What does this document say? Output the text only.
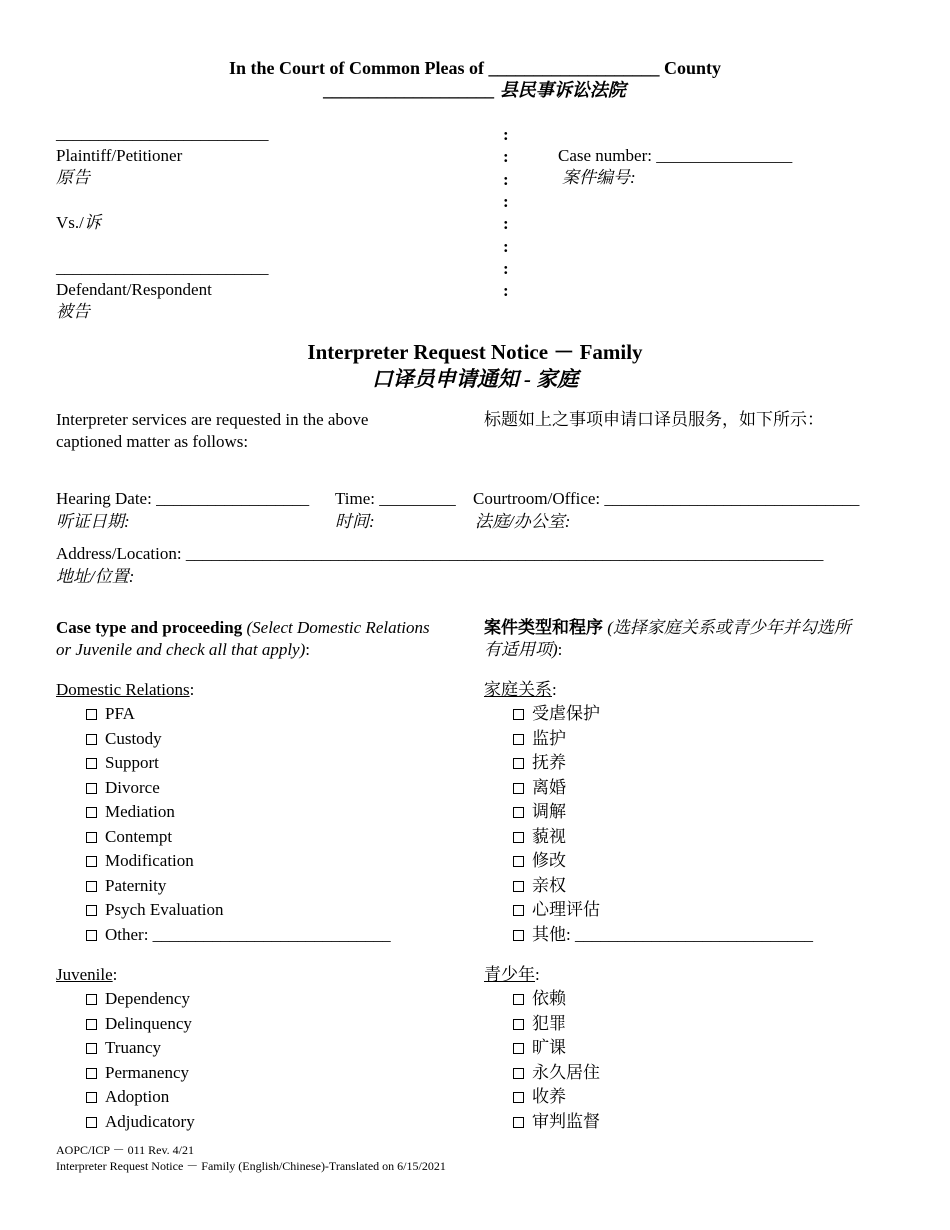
In the Court of Common Pleas of ___________________ County
___________________ 县民事诉讼法院
_________________________
Plaintiff/Petitioner
原告
Vs./诉
_________________________
Defendant/Respondent
被告
:
:
:
:
:
:
:
:
Case number: ________________
案件编号:
Interpreter Request Notice － Family
口译员申请通知 - 家庭
Interpreter services are requested in the above
captioned matter as follows:
标题如上之事项申请口译员服务，如下所示：
Hearing Date: __________________ Time: _________ Courtroom/Office: ______________________________
听证日期:	时间:	法庭/办公室:
Address/Location: ___________________________________________________________________________
地址/位置:
Case type and proceeding (Select Domestic Relations
or Juvenile and check all that apply):
案件类型和程序 (选择家庭关系或青少年并勾选所
有适用项):
Domestic Relations:	家庭关系:
PFA
Custody
Support
Divorce
Mediation
Contempt
Modification
Paternity
Psych Evaluation
Other: ____________________________
受虐保护
监护
抚养
离婚
调解
藐视
修改
亲权
心理评估
其他: ____________________________
Juvenile:	青少年:
Dependency
Delinquency
Truancy
Permanency
Adoption
Adjudicatory
依赖
犯罪
旷课
永久居住
收养
审判监督
AOPC/ICP － 011 Rev. 4/21
Interpreter Request Notice － Family (English/Chinese)-Translated on 6/15/2021
